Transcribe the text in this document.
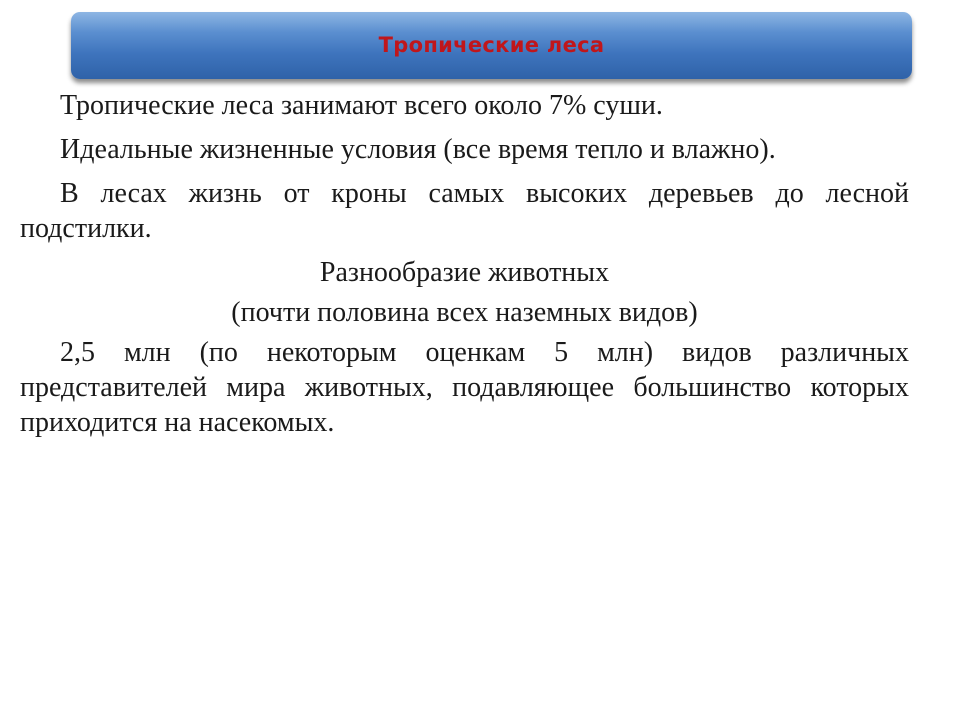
Тропические леса

Тропические леса занимают всего около 7% суши.

Идеальные жизненные условия (все время тепло и влажно).

В лесах жизнь от кроны самых высоких деревьев до лесной подстилки.

Разнообразие животных

(почти половина всех наземных видов)

2,5 млн (по некоторым оценкам 5 млн) видов различных представителей мира животных, подавляющее большинство которых приходится на насекомых.
